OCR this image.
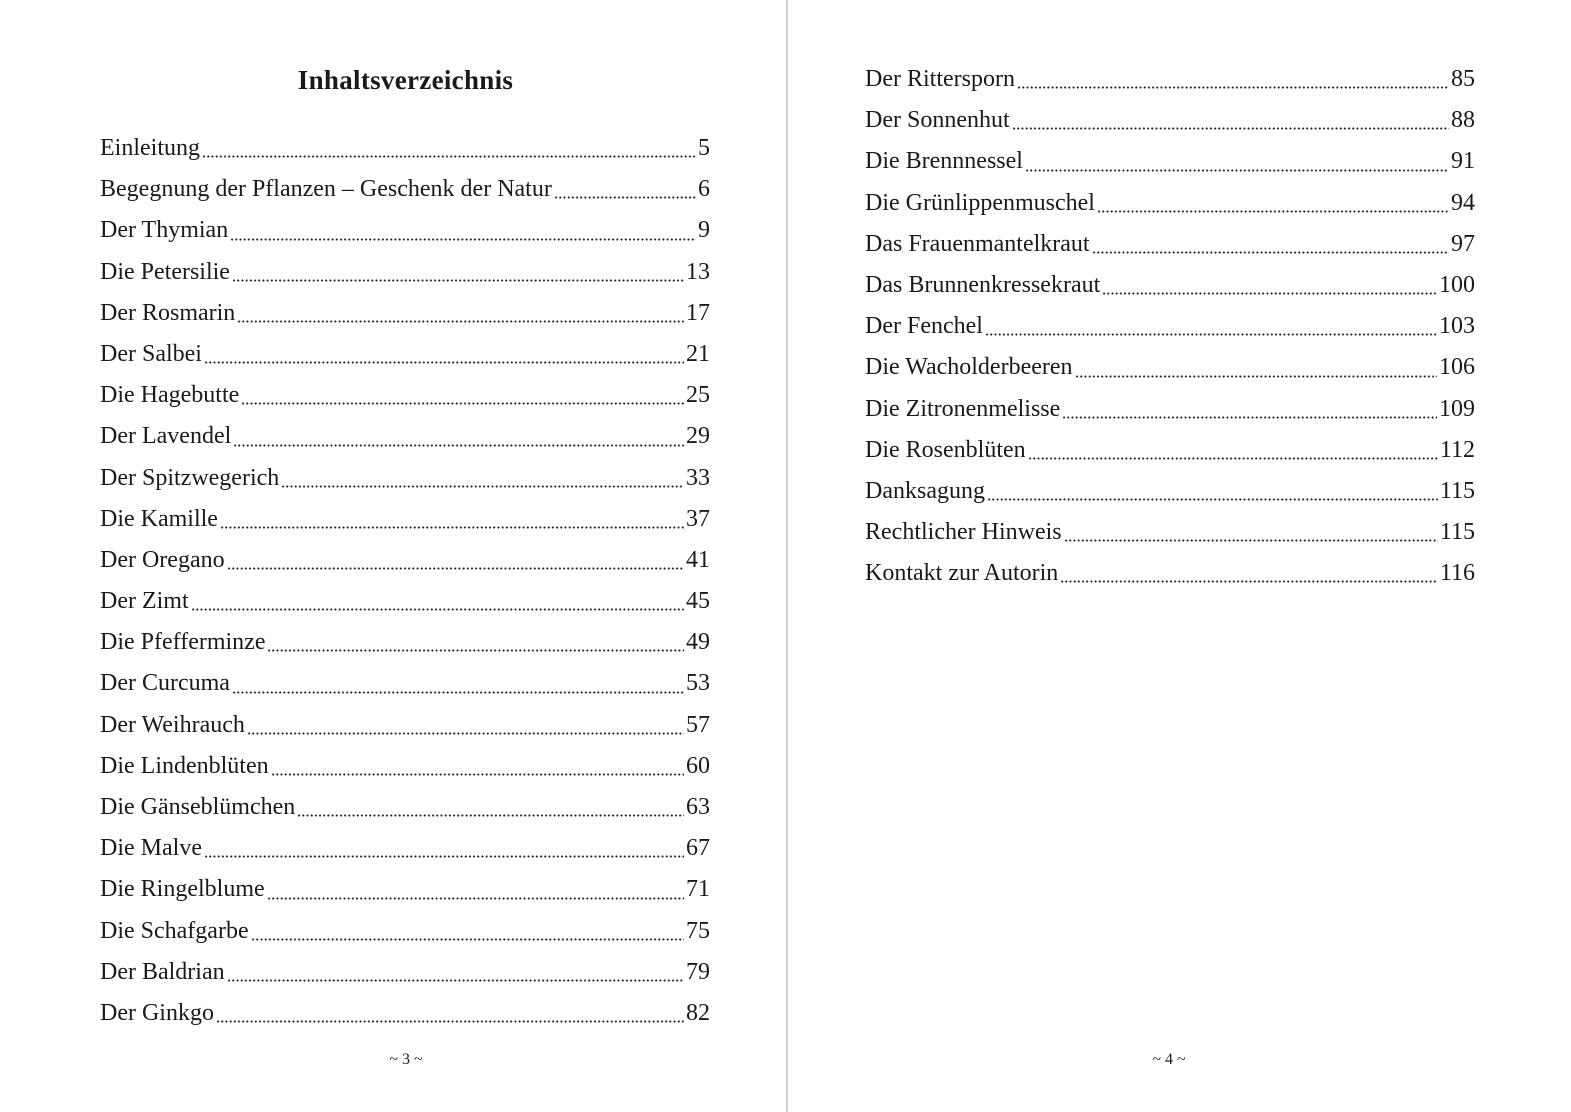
Inhaltsverzeichnis
Einleitung	5
Begegnung der Pflanzen – Geschenk der Natur	6
Der Thymian	9
Die Petersilie	13
Der Rosmarin	17
Der Salbei	21
Die Hagebutte	25
Der Lavendel	29
Der Spitzwegerich	33
Die Kamille	37
Der Oregano	41
Der Zimt	45
Die Pfefferminze	49
Der Curcuma	53
Der Weihrauch	57
Die Lindenblüten	60
Die Gänseblümchen	63
Die Malve	67
Die Ringelblume	71
Die Schafgarbe	75
Der Baldrian	79
Der Ginkgo	82
~ 3 ~
Der Rittersporn	85
Der Sonnenhut	88
Die Brennnessel	91
Die Grünlippenmuschel	94
Das Frauenmantelkraut	97
Das Brunnenkressekraut	100
Der Fenchel	103
Die Wacholderbeeren	106
Die Zitronenmelisse	109
Die Rosenblüten	112
Danksagung	115
Rechtlicher Hinweis	115
Kontakt zur Autorin	116
~ 4 ~
